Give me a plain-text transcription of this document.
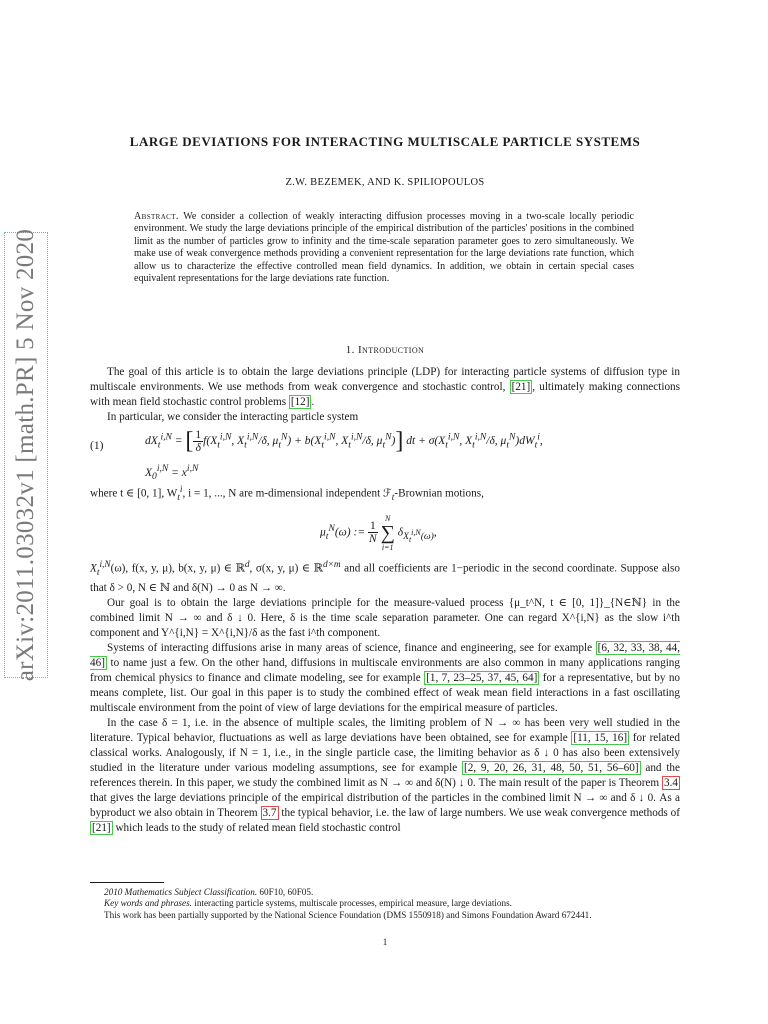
arXiv:2011.03032v1 [math.PR] 5 Nov 2020
LARGE DEVIATIONS FOR INTERACTING MULTISCALE PARTICLE SYSTEMS
Z.W. BEZEMEK, AND K. SPILIOPOULOS
Abstract. We consider a collection of weakly interacting diffusion processes moving in a two-scale locally periodic environment. We study the large deviations principle of the empirical distribution of the particles' positions in the combined limit as the number of particles grow to infinity and the time-scale separation parameter goes to zero simultaneously. We make use of weak convergence methods providing a convenient representation for the large deviations rate function, which allow us to characterize the effective controlled mean field dynamics. In addition, we obtain in certain special cases equivalent representations for the large deviations rate function.
1. Introduction

The goal of this article is to obtain the large deviations principle (LDP) for interacting particle systems of diffusion type in multiscale environments. We use methods from weak convergence and stochastic control, [21] , ultimately making connections with mean field stochastic control problems [12] .

In particular, we consider the interacting particle system

(1)	$dX_t^{i,N}$ = [ $\frac{1}{\delta} f(X_t^{i,N}$, $X_t^{i,N}/\delta$, $\mu_t^N) + b(X_t^{i,N}$, $X_t^{i,N}/\delta$, $\mu_t^N$)] dt + $\sigma(X_t^{i,N}$, $X_t^{i,N}/\delta$, $\mu_t^N)dW_t^i$,
$X_0^{i,N} = x^{i,N}$

where t ∈ [0, 1], $W_t^i$, i = 1, ..., N are m-dimensional independent ℱ$_t$-Brownian motions,

$\mu_t^N(\omega)$ := $\frac{1}{N}$
N
∑
i=1 $\delta_{X_t^{i,N}(\omega)}$,

$X_t^{i,N}(\omega)$, f(x, y, μ), b(x, y, μ) ∈ ℝ$^d$, σ(x, y, μ) ∈ ℝ$^{d\times m}$ and all coefficients are 1−periodic in the second coordinate. Suppose also that δ > 0, N ∈ ℕ and δ(N) → 0 as N → ∞.

Our goal is to obtain the large deviations principle for the measure-valued process {μ_t^N, t ∈ [0, 1]}_{N∈ℕ} in the combined limit N → ∞ and δ ↓ 0. Here, δ is the time scale separation parameter. One can regard X^{i,N} as the slow i^th component and Y^{i,N} = X^{i,N}/δ as the fast i^th component.

Systems of interacting diffusions arise in many areas of science, finance and engineering, see for example [6, 32, 33, 38, 44, 46] to name just a few. On the other hand, diffusions in multiscale environments are also common in many applications ranging from chemical physics to finance and climate modeling, see for example [1, 7, 23–25, 37, 45, 64] for a representative, but by no means complete, list. Our goal in this paper is to study the combined effect of weak mean field interactions in a fast oscillating multiscale environment from the point of view of large deviations for the empirical measure of particles.

In the case δ = 1, i.e. in the absence of multiple scales, the limiting problem of N → ∞ has been very well studied in the literature. Typical behavior, fluctuations as well as large deviations have been obtained, see for example [11, 15, 16] for related classical works. Analogously, if N = 1, i.e., in the single particle case, the limiting behavior as δ ↓ 0 has also been extensively studied in the literature under various modeling assumptions, see for example [2, 9, 20, 26, 31, 48, 50, 51, 56–60] and the references therein. In this paper, we study the combined limit as N → ∞ and δ(N) ↓ 0. The main result of the paper is Theorem 3.4 that gives the large deviations principle of the empirical distribution of the particles in the combined limit N → ∞ and δ ↓ 0. As a byproduct we also obtain in Theorem 3.7 the typical behavior, i.e. the law of large numbers. We use weak convergence methods of [21] which leads to the study of related mean field stochastic control

2010 Mathematics Subject Classification. 60F10, 60F05.

Key words and phrases. interacting particle systems, multiscale processes, empirical measure, large deviations.

This work has been partially supported by the National Science Foundation (DMS 1550918) and Simons Foundation Award 672441.

1
